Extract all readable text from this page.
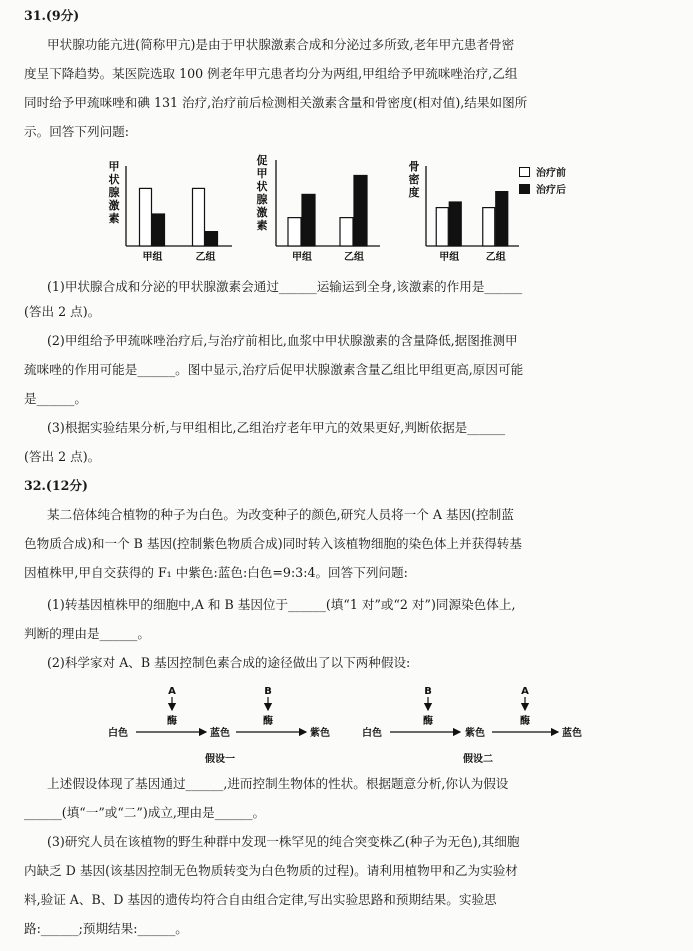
31.(9分)
甲状腺功能亢进(简称甲亢)是由于甲状腺激素合成和分泌过多所致,老年甲亢患者骨密
度呈下降趋势。某医院选取 100 例老年甲亢患者均分为两组,甲组给予甲巯咪唑治疗,乙组
同时给予甲巯咪唑和碘 131 治疗,治疗前后检测相关激素含量和骨密度(相对值),结果如图所
示。回答下列问题:
甲状腺激素
甲组	乙组
促甲状腺激素
甲组	乙组
骨密度
甲组	乙组
治疗前
治疗后
(1)甲状腺合成和分泌的甲状腺激素会通过______运输运到全身,该激素的作用是______
(答出 2 点)。
(2)甲组给予甲巯咪唑治疗后,与治疗前相比,血浆中甲状腺激素的含量降低,据图推测甲
巯咪唑的作用可能是______。图中显示,治疗后促甲状腺激素含量乙组比甲组更高,原因可能
是______。
(3)根据实验结果分析,与甲组相比,乙组治疗老年甲亢的效果更好,判断依据是______
(答出 2 点)。
32.(12分)
某二倍体纯合植物的种子为白色。为改变种子的颜色,研究人员将一个 A 基因(控制蓝
色物质合成)和一个 B 基因(控制紫色物质合成)同时转入该植物细胞的染色体上并获得转基
因植株甲,甲自交获得的 F₁ 中紫色:蓝色:白色=9:3:4。回答下列问题:
(1)转基因植株甲的细胞中,A 和 B 基因位于______(填“1 对”或“2 对”)同源染色体上,
判断的理由是______。
(2)科学家对 A、B 基因控制色素合成的途径做出了以下两种假设:
A
酶
B
酶
白色	蓝色	紫色
假设一
B
酶
A
酶
白色	紫色	蓝色
假设二
上述假设体现了基因通过______,进而控制生物体的性状。根据题意分析,你认为假设
______(填“一”或“二”)成立,理由是______。
(3)研究人员在该植物的野生种群中发现一株罕见的纯合突变株乙(种子为无色),其细胞
内缺乏 D 基因(该基因控制无色物质转变为白色物质的过程)。请利用植物甲和乙为实验材
料,验证 A、B、D 基因的遗传均符合自由组合定律,写出实验思路和预期结果。实验思
路:______;预期结果:______。
